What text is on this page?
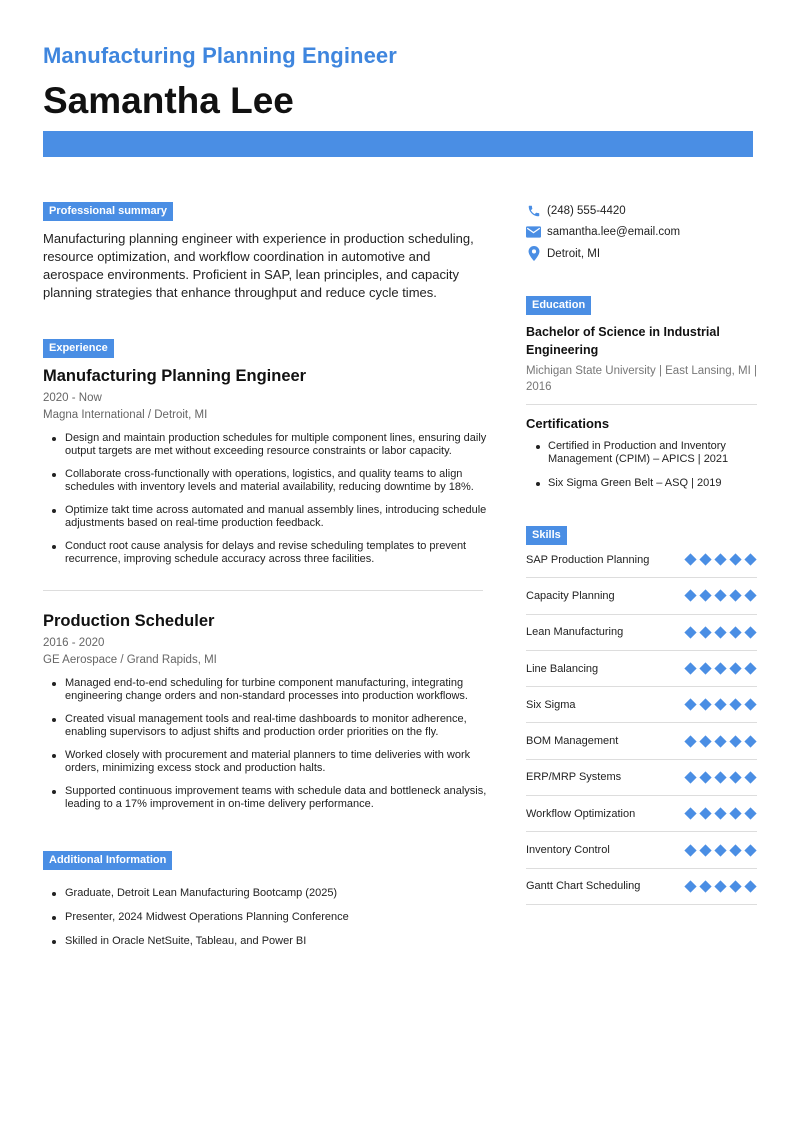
Manufacturing Planning Engineer
Samantha Lee
Professional summary

Manufacturing planning engineer with experience in production scheduling, resource optimization, and workflow coordination in automotive and aerospace environments. Proficient in SAP, lean principles, and capacity planning strategies that enhance throughput and reduce cycle times.

Experience
Manufacturing Planning Engineer
2020 - Now
Magna International / Detroit, MI
Design and maintain production schedules for multiple component lines, ensuring daily output targets are met without exceeding resource constraints or labor capacity.
Collaborate cross-functionally with operations, logistics, and quality teams to align schedules with inventory levels and material availability, reducing downtime by 18%.
Optimize takt time across automated and manual assembly lines, introducing schedule adjustments based on real-time production feedback.
Conduct root cause analysis for delays and revise scheduling templates to prevent recurrence, improving schedule accuracy across three facilities.
Production Scheduler
2016 - 2020
GE Aerospace / Grand Rapids, MI
Managed end-to-end scheduling for turbine component manufacturing, integrating engineering change orders and non-standard processes into production workflows.
Created visual management tools and real-time dashboards to monitor adherence, enabling supervisors to adjust shifts and production order priorities on the fly.
Worked closely with procurement and material planners to time deliveries with work orders, minimizing excess stock and production halts.
Supported continuous improvement teams with schedule data and bottleneck analysis, leading to a 17% improvement in on-time delivery performance.
Additional Information
Graduate, Detroit Lean Manufacturing Bootcamp (2025)
Presenter, 2024 Midwest Operations Planning Conference
Skilled in Oracle NetSuite, Tableau, and Power BI
(248) 555-4420
samantha.lee@email.com
Detroit, MI
Education
Bachelor of Science in Industrial Engineering
Michigan State University | East Lansing, MI | 2016
Certifications
Certified in Production and Inventory Management (CPIM) – APICS | 2021
Six Sigma Green Belt – ASQ | 2019
Skills
SAP Production Planning
Capacity Planning
Lean Manufacturing
Line Balancing
Six Sigma
BOM Management
ERP/MRP Systems
Workflow Optimization
Inventory Control
Gantt Chart Scheduling
